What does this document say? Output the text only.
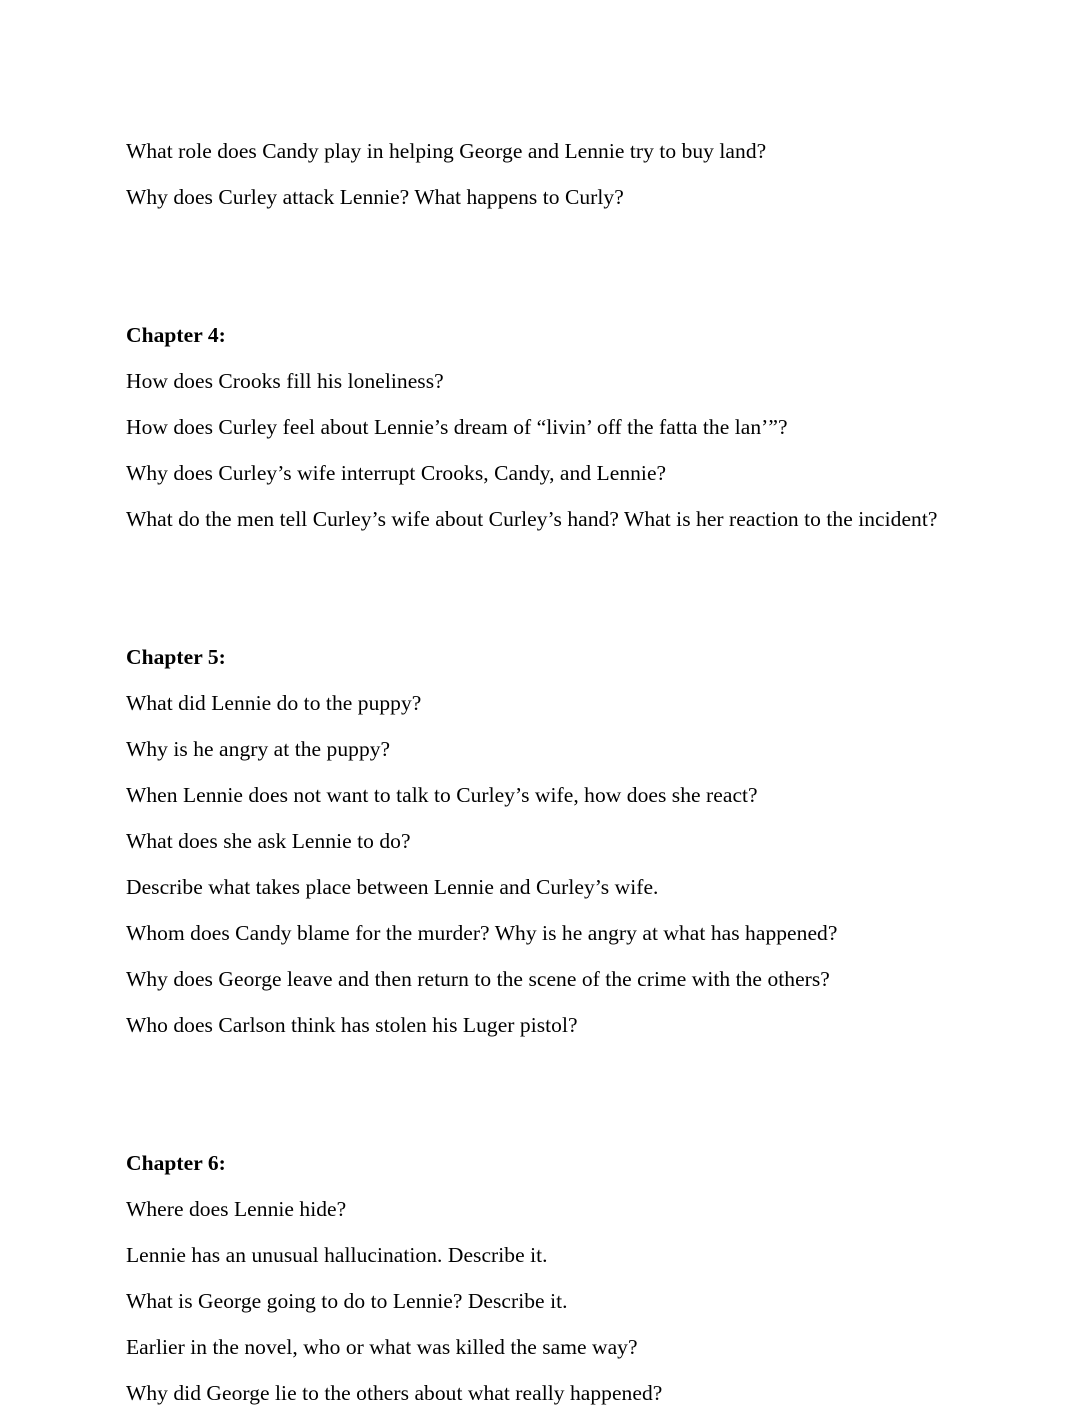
What role does Candy play in helping George and Lennie try to buy land?
Why does Curley attack Lennie? What happens to Curly?
Chapter 4:
How does Crooks fill his loneliness?
How does Curley feel about Lennie’s dream of “livin’ off the fatta the lan’”?
Why does Curley’s wife interrupt Crooks, Candy, and Lennie?
What do the men tell Curley’s wife about Curley’s hand? What is her reaction to the incident?
Chapter 5:
What did Lennie do to the puppy?
Why is he angry at the puppy?
When Lennie does not want to talk to Curley’s wife, how does she react?
What does she ask Lennie to do?
Describe what takes place between Lennie and Curley’s wife.
Whom does Candy blame for the murder? Why is he angry at what has happened?
Why does George leave and then return to the scene of the crime with the others?
Who does Carlson think has stolen his Luger pistol?
Chapter 6:
Where does Lennie hide?
Lennie has an unusual hallucination. Describe it.
What is George going to do to Lennie? Describe it.
Earlier in the novel, who or what was killed the same way?
Why did George lie to the others about what really happened?
